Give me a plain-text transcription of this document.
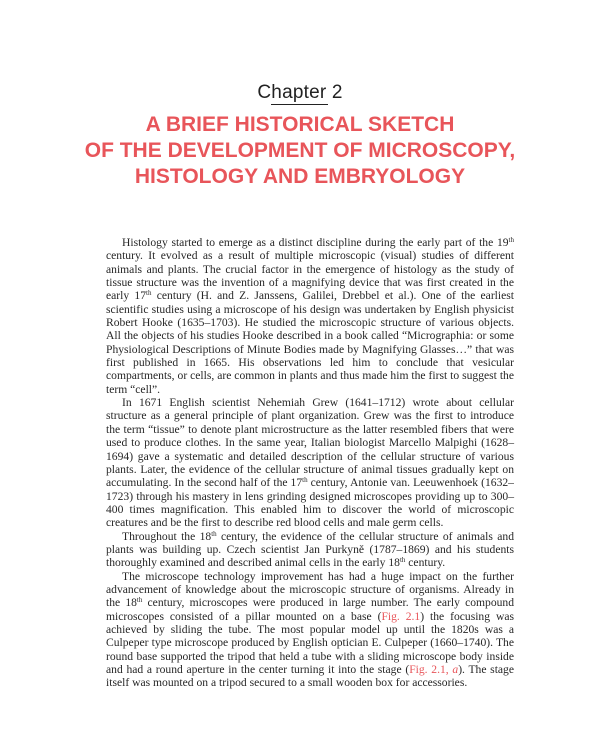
Chapter 2
A BRIEF HISTORICAL SKETCH
OF THE DEVELOPMENT OF MICROSCOPY,
HISTOLOGY AND EMBRYOLOGY

Histology started to emerge as a distinct discipline during the early part of the 19th century. It evolved as a result of multiple microscopic (visual) studies of different animals and plants. The crucial factor in the emergence of histology as the study of tissue structure was the invention of a magnifying device that was first created in the early 17th century (H. and Z. Janssens, Galilei, Drebbel et al.). One of the earliest scientific studies using a microscope of his design was undertaken by English physicist Robert Hooke (1635–1703). He studied the microscopic structure of various objects. All the objects of his studies Hooke described in a book called “Micrographia: or some Physiological Descriptions of Minute Bodies made by Magnifying Glasses…” that was first published in 1665. His observations led him to conclude that vesicular compartments, or cells, are common in plants and thus made him the first to suggest the term “cell”.

In 1671 English scientist Nehemiah Grew (1641–1712) wrote about cellular structure as a general principle of plant organization. Grew was the first to introduce the term “tissue” to denote plant microstructure as the latter resembled fibers that were used to produce clothes. In the same year, Italian biologist Marcello Malpighi (1628–1694) gave a systematic and detailed description of the cellular structure of various plants. Later, the evidence of the cellular structure of animal tissues gradually kept on accumulating. In the second half of the 17th century, Antonie van. Leeuwenhoek (1632–1723) through his mastery in lens grinding designed microscopes providing up to 300–400 times magnification. This enabled him to discover the world of microscopic creatures and be the first to describe red blood cells and male germ cells.

Throughout the 18th century, the evidence of the cellular structure of animals and plants was building up. Czech scientist Jan Purkyně (1787–1869) and his students thoroughly examined and described animal cells in the early 18th century.

The microscope technology improvement has had a huge impact on the further advancement of knowledge about the microscopic structure of organisms. Already in the 18th century, microscopes were produced in large number. The early compound microscopes consisted of a pillar mounted on a base (Fig. 2.1) the focusing was achieved by sliding the tube. The most popular model up until the 1820s was a Culpeper type microscope produced by English optician E. Culpeper (1660–1740). The round base supported the tripod that held a tube with a sliding microscope body inside and had a round aperture in the center turning it into the stage (Fig. 2.1, a). The stage itself was mounted on a tripod secured to a small wooden box for accessories.
